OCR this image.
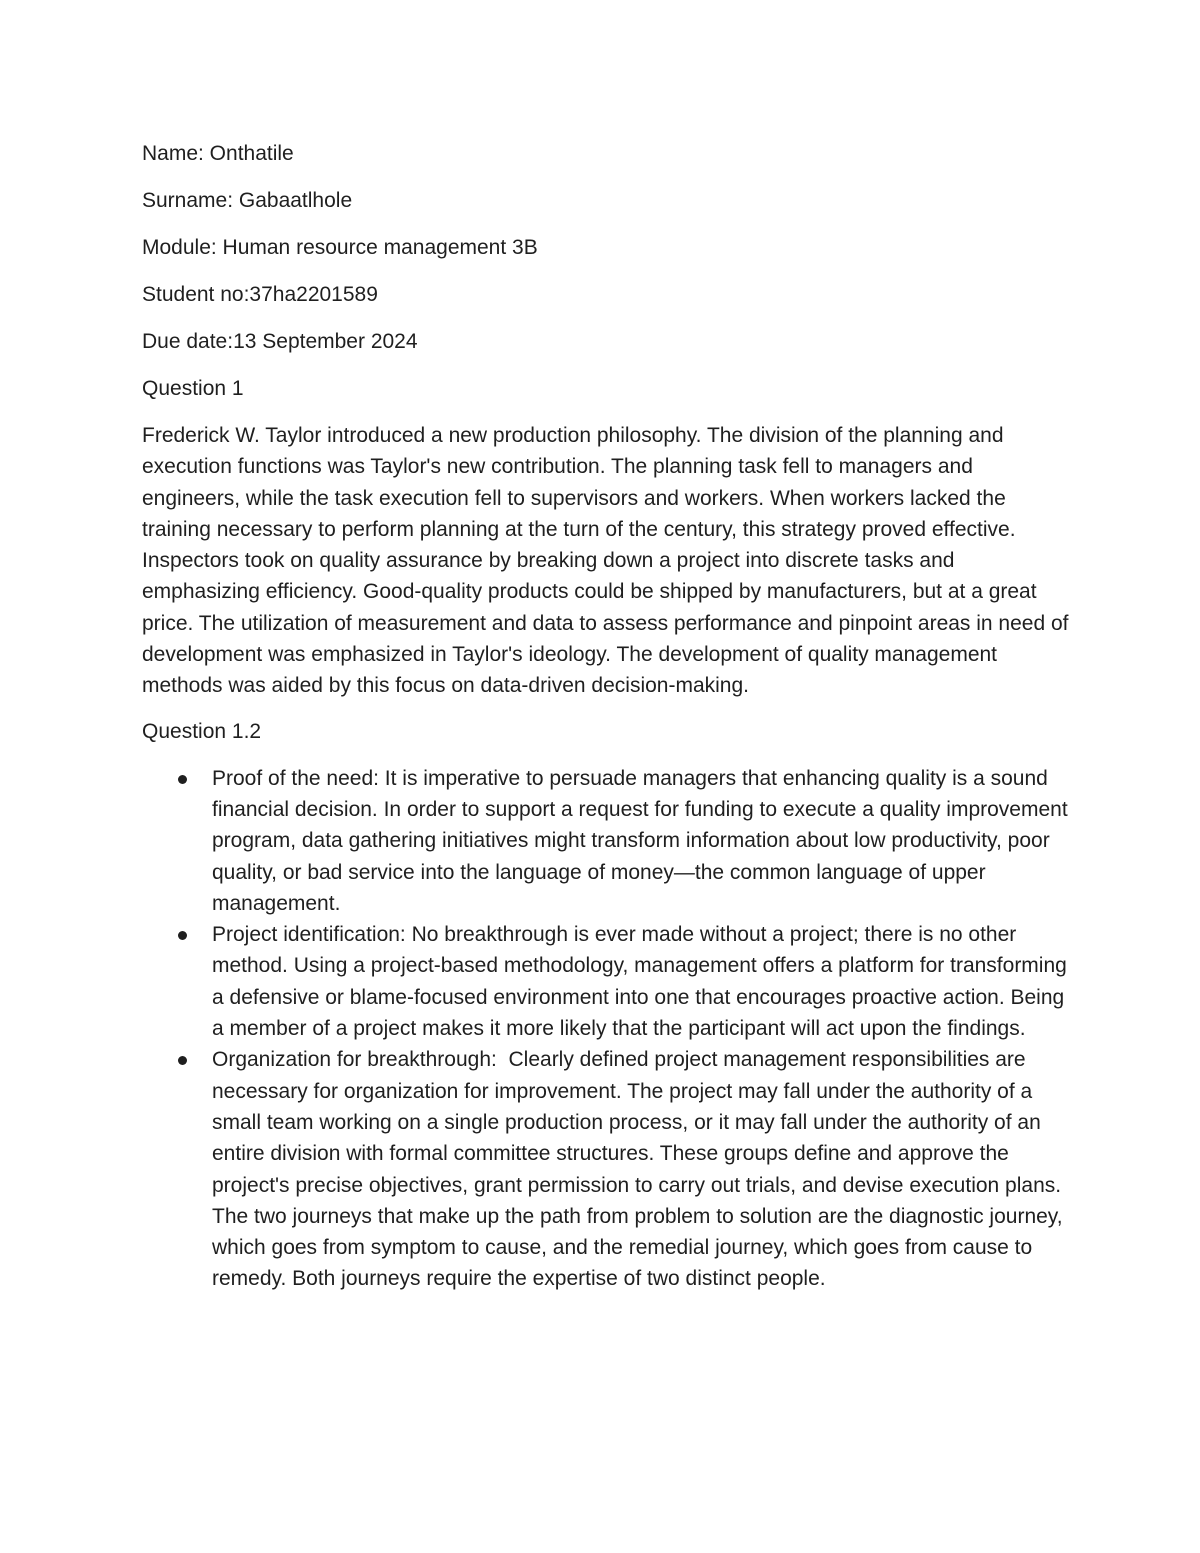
Name: Onthatile
Surname: Gabaatlhole
Module: Human resource management 3B
Student no:37ha2201589
Due date:13 September 2024
Question 1

Frederick W. Taylor introduced a new production philosophy. The division of the planning and execution functions was Taylor's new contribution. The planning task fell to managers and engineers, while the task execution fell to supervisors and workers. When workers lacked the training necessary to perform planning at the turn of the century, this strategy proved effective. Inspectors took on quality assurance by breaking down a project into discrete tasks and emphasizing efficiency. Good-quality products could be shipped by manufacturers, but at a great price. The utilization of measurement and data to assess performance and pinpoint areas in need of development was emphasized in Taylor's ideology. The development of quality management methods was aided by this focus on data-driven decision-making.

Question 1.2
Proof of the need: It is imperative to persuade managers that enhancing quality is a sound financial decision. In order to support a request for funding to execute a quality improvement program, data gathering initiatives might transform information about low productivity, poor quality, or bad service into the language of money—the common language of upper management.
Project identification: No breakthrough is ever made without a project; there is no other method. Using a project-based methodology, management offers a platform for transforming a defensive or blame-focused environment into one that encourages proactive action. Being a member of a project makes it more likely that the participant will act upon the findings.
Organization for breakthrough:  Clearly defined project management responsibilities are necessary for organization for improvement. The project may fall under the authority of a small team working on a single production process, or it may fall under the authority of an entire division with formal committee structures. These groups define and approve the project's precise objectives, grant permission to carry out trials, and devise execution plans. The two journeys that make up the path from problem to solution are the diagnostic journey, which goes from symptom to cause, and the remedial journey, which goes from cause to remedy. Both journeys require the expertise of two distinct people.
